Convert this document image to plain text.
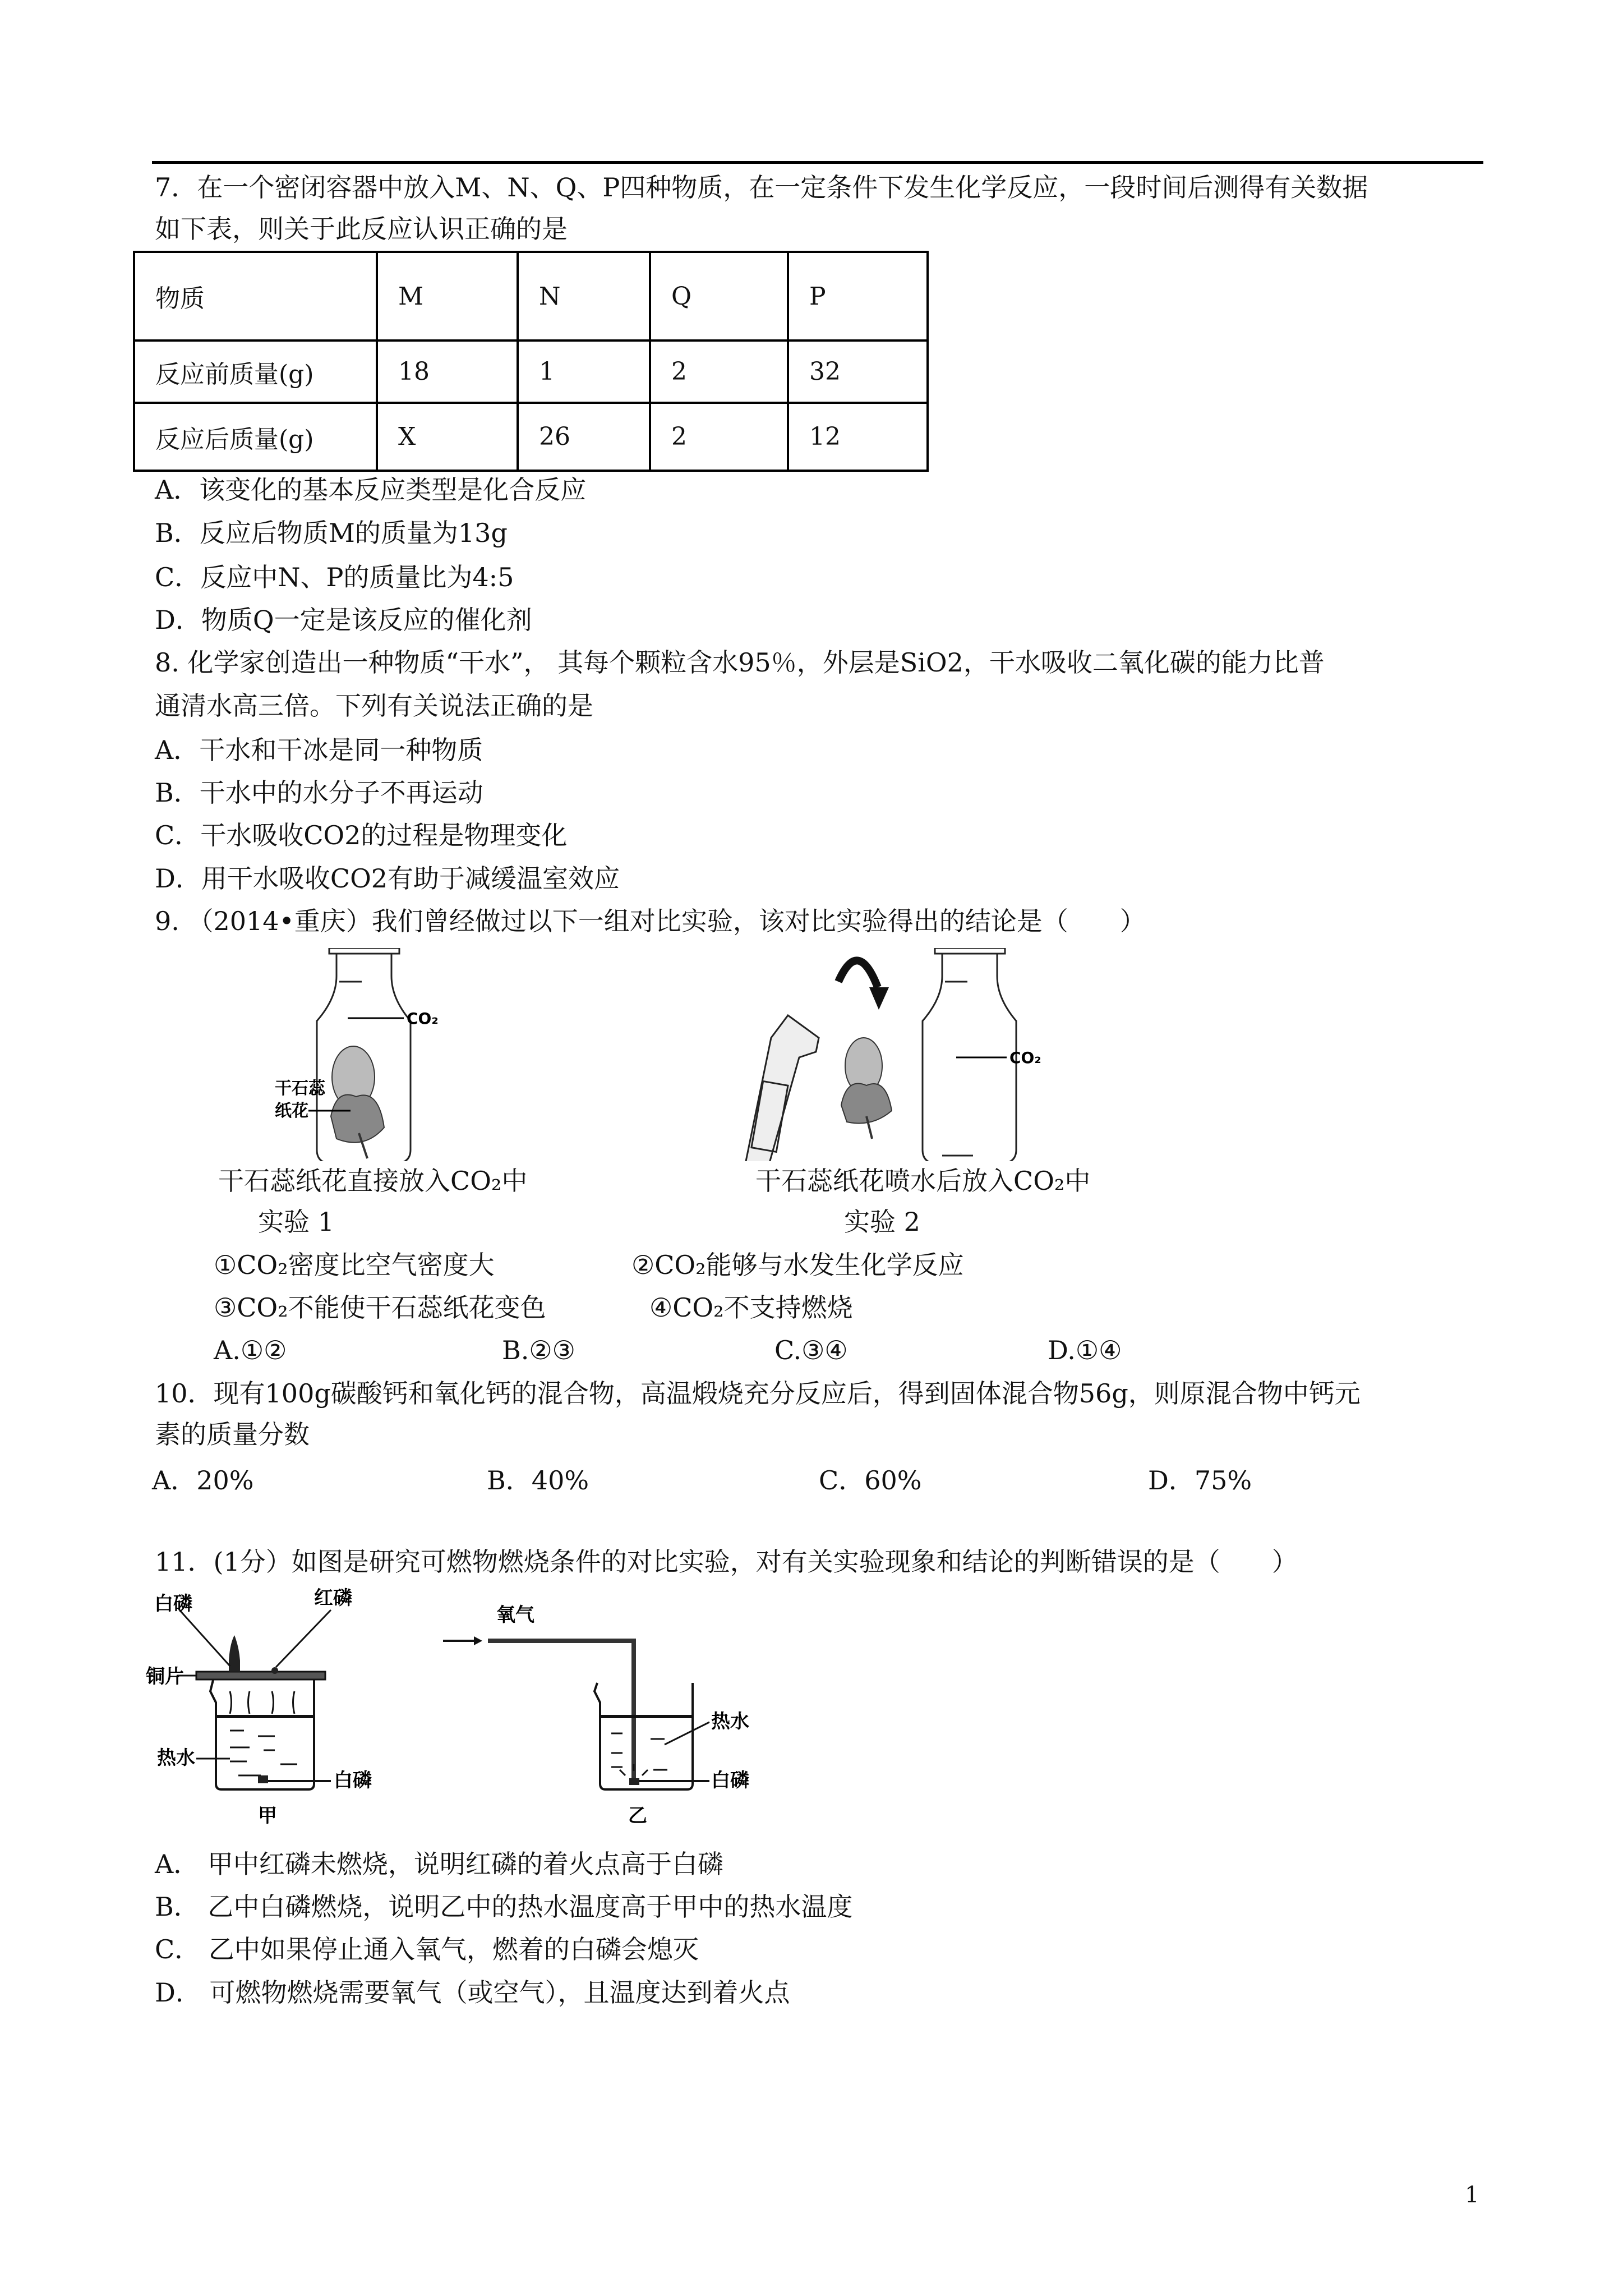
7．在一个密闭容器中放入M、N、Q、P四种物质，在一定条件下发生化学反应，一段时间后测得有关数据
如下表，则关于此反应认识正确的是
物质	M	N	Q	P
反应前质量(g)	18	1	2	32
反应后质量(g)	X	26	2	12
A．该变化的基本反应类型是化合反应
B．反应后物质M的质量为13g
C．反应中N、P的质量比为4:5
D．物质Q一定是该反应的催化剂
8. 化学家创造出一种物质“干水”， 其每个颗粒含水95％，外层是SiO2，干水吸收二氧化碳的能力比普
通清水高三倍。下列有关说法正确的是
A．干水和干冰是同一种物质
B．干水中的水分子不再运动
C．干水吸收CO2的过程是物理变化
D．用干水吸收CO2有助于减缓温室效应
9. （2014•重庆）我们曾经做过以下一组对比实验，该对比实验得出的结论是（　　）
CO₂
干石蕊
纸花
CO₂
干石蕊纸花直接放入CO₂中	干石蕊纸花喷水后放入CO₂中
实验 1	实验 2
①CO₂密度比空气密度大	②CO₂能够与水发生化学反应
③CO₂不能使干石蕊纸花变色	④CO₂不支持燃烧
A.①②	B.②③	C.③④	D.①④
10．现有100g碳酸钙和氧化钙的混合物，高温煅烧充分反应后，得到固体混合物56g，则原混合物中钙元
素的质量分数
A．20%	B．40%	C．60%	D．75%
11．(1分）如图是研究可燃物燃烧条件的对比实验，对有关实验现象和结论的判断错误的是（　　）
白磷	红磷
铜片
热水
白磷
甲
氧气
热水
白磷
乙
A． 甲中红磷未燃烧，说明红磷的着火点高于白磷
B． 乙中白磷燃烧，说明乙中的热水温度高于甲中的热水温度
C． 乙中如果停止通入氧气，燃着的白磷会熄灭
D． 可燃物燃烧需要氧气（或空气），且温度达到着火点
1
